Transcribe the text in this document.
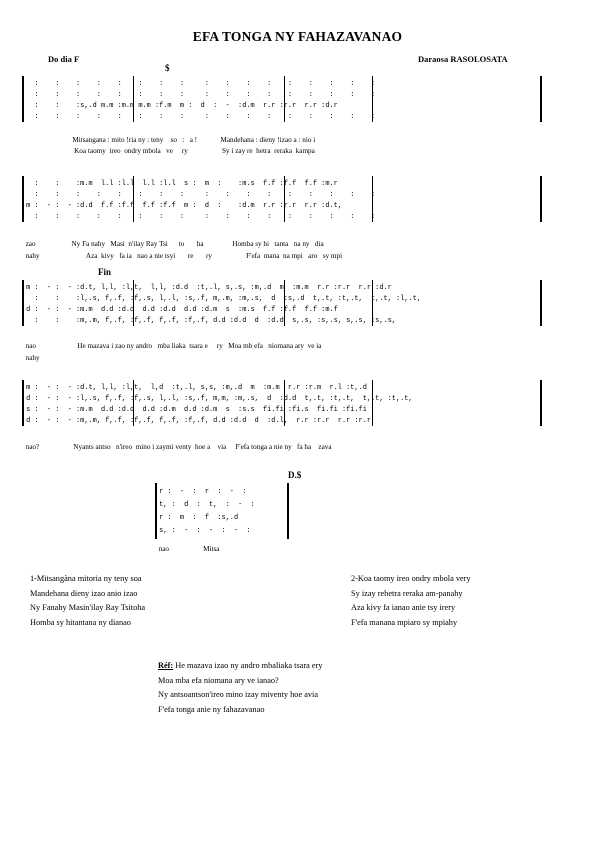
EFA TONGA NY FAHAZAVANAO
Do dia F	Daraosa RASOLOSATA
$
:    :    :    :    :    :    :    :     :    :    :    :    :    :    :    :    :
:    :    :    :    :    :    :    :     :    :    :    :    :    :    :    :    :
:    :    :s,.d m.m :m.m m.m :f.m  m :  d  :  -  :d.m  r.r :r.r  r.r :d.r
:    :    :    :    :    :    :    :     :    :    :    :    :    :    :    :    :
Mitsangana : mito !ria ny : teny    so   :   a !             Mandehana : dieny !izao a : nio i
Koa taomy  ireo  ondry mbola   ve     ry                   Sy i zay re  hetra  reraka  kampa
:    :    :m.m  l.l :l.l  l.l :l.l  s :  m  :    :m.s  f.f :f.f  f.f :m.r
:    :    :    :    :    :    :    :     :    :    :    :    :    :    :    :    :
m :  - :  - :d.d  f.f :f.f  f.f :f.f  m :  d  :    :d.m  r.r :r.r  r.r :d.t,
:    :    :    :    :    :    :    :     :    :    :    :    :    :    :    :    :
zao                    Ny Fa nahy   Masi  n'ilay Ray Tsi      to       ha                Homba sy hi   tanta   na ny   dia
nahy                          Aza  kivy   fa ia   nao a nie tsyi       re       ry                   F'efa  mana  na mpi   aro   sy mpi
Fin
m :  - :  - :d.t, l,l, :l,t,  l,l, :d.d  :t,.l, s,.s, :m,.d  m  :m.m  r.r :r.r  r.r :d.r
:    :    :l,.s, f,.f, :f,.s, l,.l, :s,.f, m,.m, :m,.s,  d  :s,.d  t,.t, :t,.t,  t,.t, :l,.t,
d :  - :  - :m.m  d.d :d.d  d.d :d.d  d.d :d.m  s  :m.s  f.f :f.f  f.f :m.f
:    :    :m,.m, f,.f, :f,.f, f,.f, :f,.f, d.d :d.d  d  :d.d  s,.s, :s,.s, s,.s, :s,.s,
nao                       He mazava i zao ny andro   mba liaka  tsara e     ry   Moa mb efa   niomana ary  ve ia
nahy
m :  - :  - :d.t, l,l, :l,t,  l,d  :t,.l, s,s, :m,.d  m  :m.m  r.r :r.m  r.l :t,.d
d :  - :  - :l,.s, f,.f, :f,.s, l,.l, :s,.f, m,m, :m,.s,  d  :d.d  t,.t, :t,.t,  t,.t, :t,.t,
s :  - :  - :m.m  d.d :d.d  d.d :d.m  d.d :d.m  s  :s.s  fi.fi :fi.s  fi.fi :fi.fi
d :  - :  - :m,.m, f,.f, :f,.f, f,.f, :f,.f, d.d :d.d  d  :d.l,  r.r :r.r  r.r :r.r
nao?                   Nyants antso   n'ireo  mino i zaymi venty  hoe a    via     F'efa tonga a nie ny   fa ha    zava
D.$
r :  -  :  r  :  -  :
t, :  d  :  t,  :  -  :
r :  m  :  f  :s,.d
s, :  -  :  -  :  -  :
nao                   Mitsa
1-Mitsangàna mitoria ny teny soa
Mandehana dieny izao anio izao
Ny Fanahy Masin'ilay Ray Tsitoha
Homba sy hitantana ny dianao
2-Koa taomy ireo ondry mbola very
Sy izay rehetra reraka am-panahy
Aza kivy fa ianao anie tsy irery
F'efa manana mpiaro sy mpiahy
Réf: He mazava izao ny andro mbaliaka tsara ery
Moa mba efa niomana ary ve ianao?
Ny antsoantson'ireo mino izay miventy hoe avia
F'efa tonga anie ny fahazavanao
